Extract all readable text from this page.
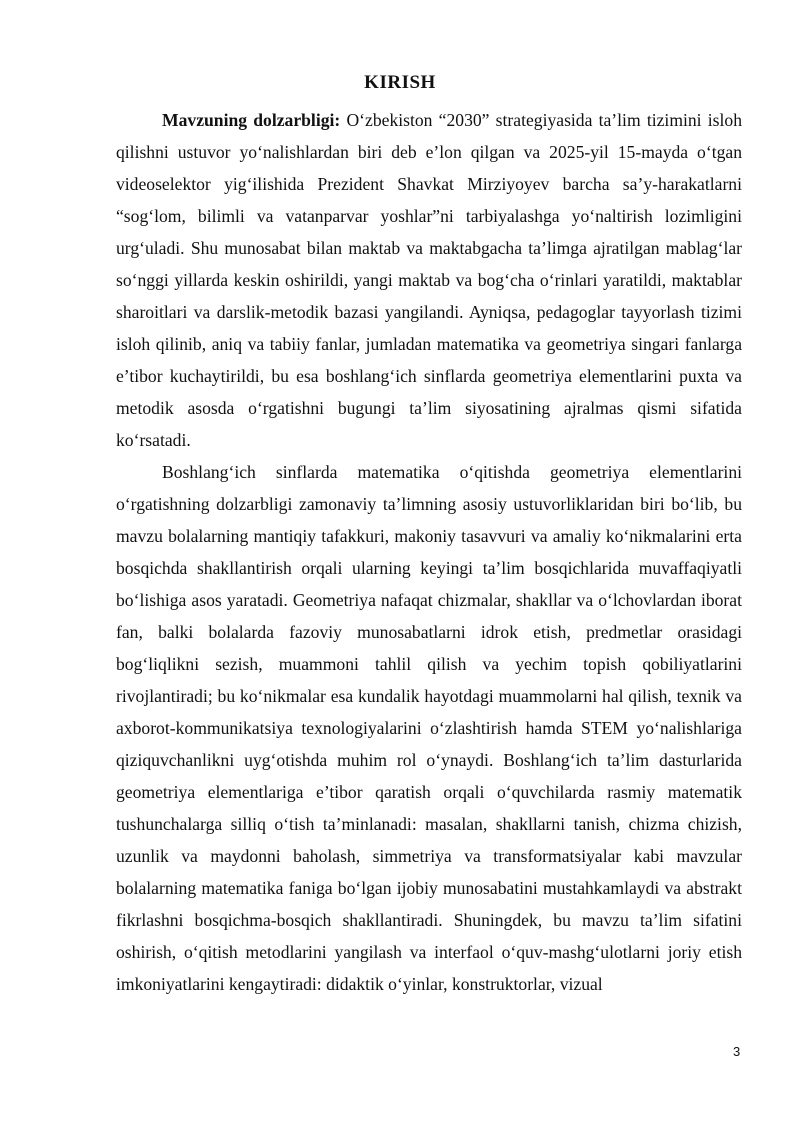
KIRISH

Mavzuning dolzarbligi: O‘zbekiston “2030” strategiyasida ta’lim tizimini isloh qilishni ustuvor yo‘nalishlardan biri deb e’lon qilgan va 2025-yil 15-mayda o‘tgan videoselektor yig‘ilishida Prezident Shavkat Mirziyoyev barcha sa’y-harakatlarni “sog‘lom, bilimli va vatanparvar yoshlar”ni tarbiyalashga yo‘naltirish lozimligini urg‘uladi. Shu munosabat bilan maktab va maktabgacha ta’limga ajratilgan mablag‘lar so‘nggi yillarda keskin oshirildi, yangi maktab va bog‘cha o‘rinlari yaratildi, maktablar sharoitlari va darslik-metodik bazasi yangilandi. Ayniqsa, pedagoglar tayyorlash tizimi isloh qilinib, aniq va tabiiy fanlar, jumladan matematika va geometriya singari fanlarga e’tibor kuchaytirildi, bu esa boshlang‘ich sinflarda geometriya elementlarini puxta va metodik asosda o‘rgatishni bugungi ta’lim siyosatining ajralmas qismi sifatida ko‘rsatadi.

Boshlang‘ich sinflarda matematika o‘qitishda geometriya elementlarini o‘rgatishning dolzarbligi zamonaviy ta’limning asosiy ustuvorliklaridan biri bo‘lib, bu mavzu bolalarning mantiqiy tafakkuri, makoniy tasavvuri va amaliy ko‘nikmalarini erta bosqichda shakllantirish orqali ularning keyingi ta’lim bosqichlarida muvaffaqiyatli bo‘lishiga asos yaratadi. Geometriya nafaqat chizmalar, shakllar va o‘lchovlardan iborat fan, balki bolalarda fazoviy munosabatlarni idrok etish, predmetlar orasidagi bog‘liqlikni sezish, muammoni tahlil qilish va yechim topish qobiliyatlarini rivojlantiradi; bu ko‘nikmalar esa kundalik hayotdagi muammolarni hal qilish, texnik va axborot-kommunikatsiya texnologiyalarini o‘zlashtirish hamda STEM yo‘nalishlariga qiziquvchanlikni uyg‘otishda muhim rol o‘ynaydi. Boshlang‘ich ta’lim dasturlarida geometriya elementlariga e’tibor qaratish orqali o‘quvchilarda rasmiy matematik tushunchalarga silliq o‘tish ta’minlanadi: masalan, shakllarni tanish, chizma chizish, uzunlik va maydonni baholash, simmetriya va transformatsiyalar kabi mavzular bolalarning matematika faniga bo‘lgan ijobiy munosabatini mustahkamlaydi va abstrakt fikrlashni bosqichma-bosqich shakllantiradi. Shuningdek, bu mavzu ta’lim sifatini oshirish, o‘qitish metodlarini yangilash va interfaol o‘quv-mashg‘ulotlarni joriy etish imkoniyatlarini kengaytiradi: didaktik o‘yinlar, konstruktorlar, vizual

3
